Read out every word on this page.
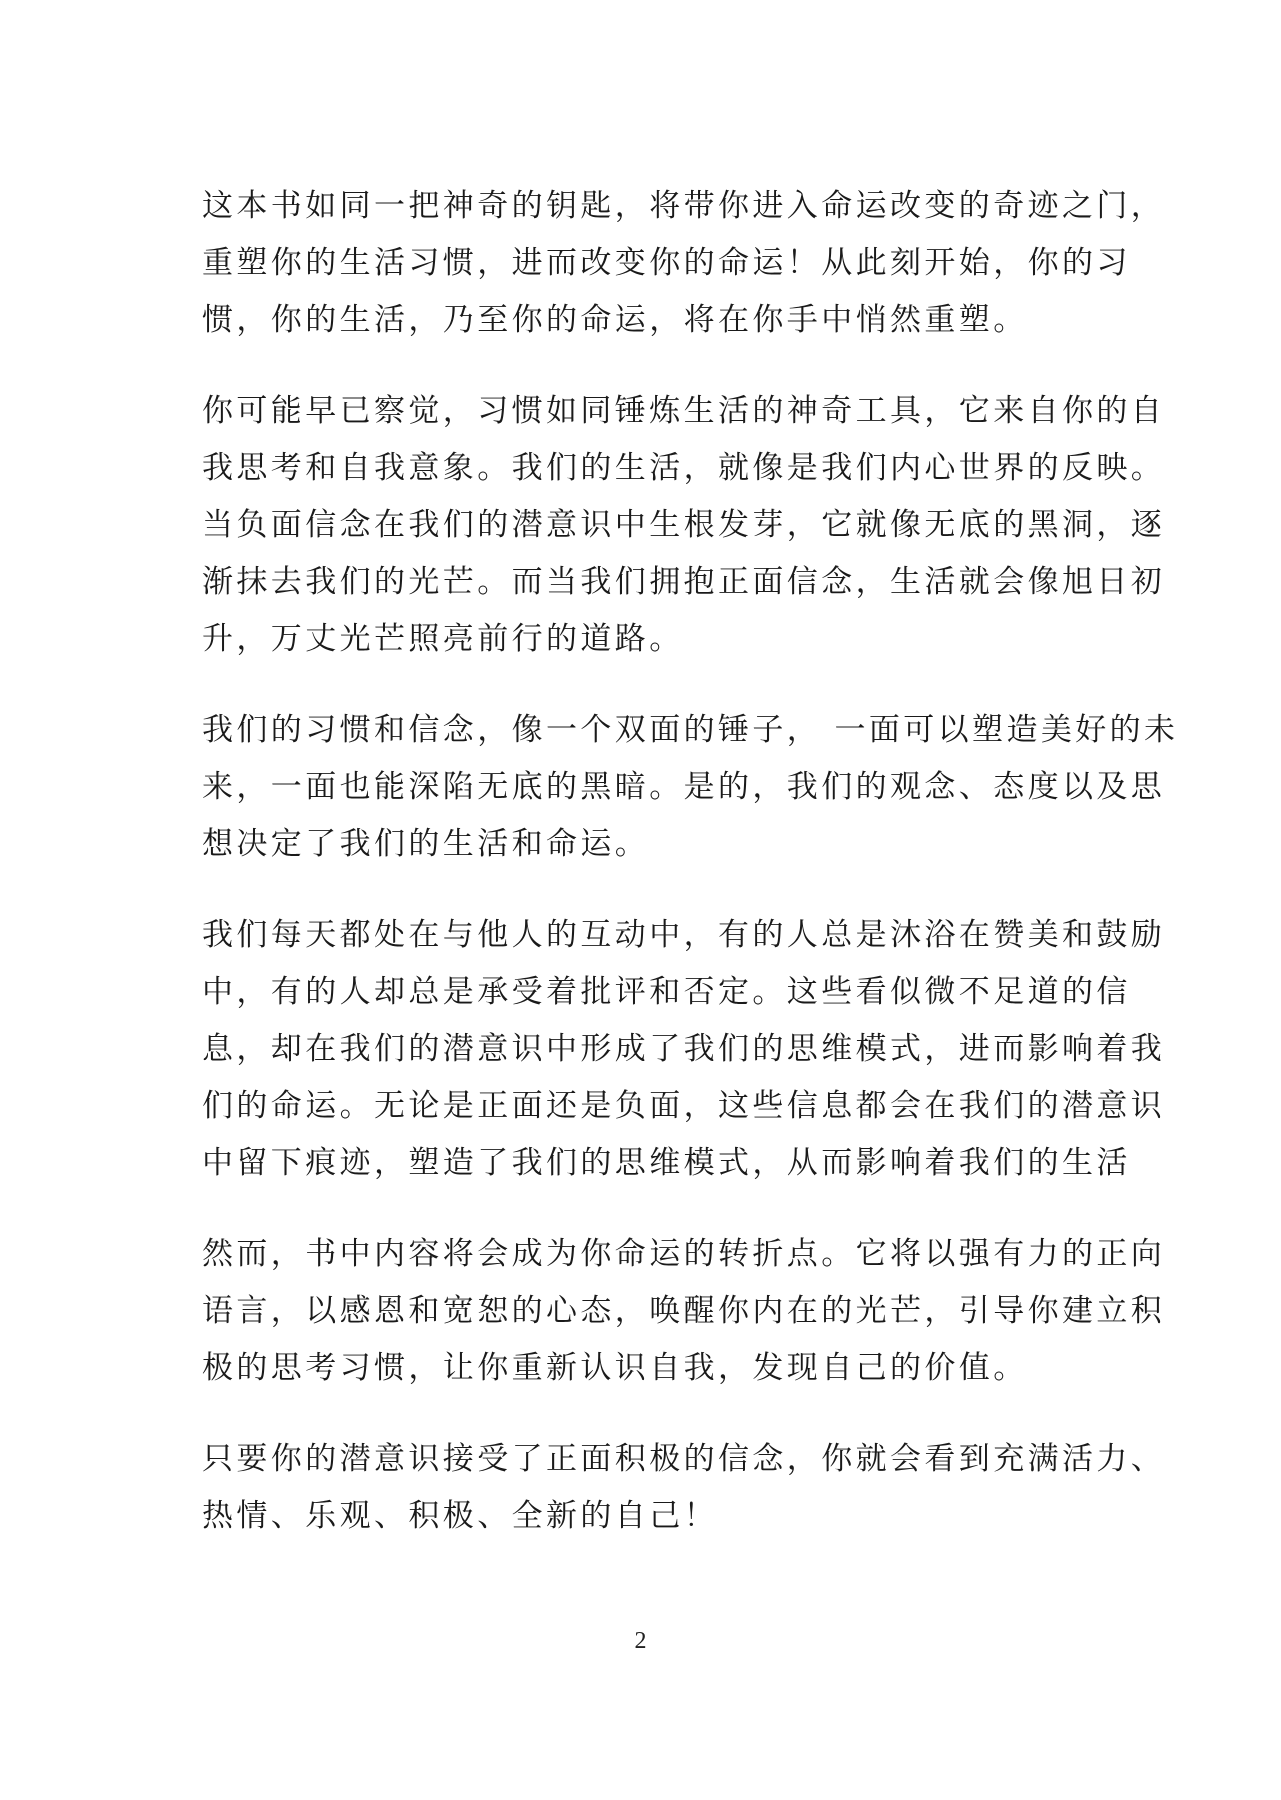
这本书如同一把神奇的钥匙，将带你进入命运改变的奇迹之门，
重塑你的生活习惯，进而改变你的命运！从此刻开始，你的习
惯，你的生活，乃至你的命运，将在你手中悄然重塑。

你可能早已察觉，习惯如同锤炼生活的神奇工具，它来自你的自
我思考和自我意象。我们的生活，就像是我们内心世界的反映。
当负面信念在我们的潜意识中生根发芽，它就像无底的黑洞，逐
渐抹去我们的光芒。而当我们拥抱正面信念，生活就会像旭日初
升，万丈光芒照亮前行的道路。

我们的习惯和信念，像一个双面的锤子， 一面可以塑造美好的未
来，一面也能深陷无底的黑暗。是的，我们的观念、态度以及思
想决定了我们的生活和命运。

我们每天都处在与他人的互动中，有的人总是沐浴在赞美和鼓励
中，有的人却总是承受着批评和否定。这些看似微不足道的信
息，却在我们的潜意识中形成了我们的思维模式，进而影响着我
们的命运。无论是正面还是负面，这些信息都会在我们的潜意识
中留下痕迹，塑造了我们的思维模式，从而影响着我们的生活

然而，书中内容将会成为你命运的转折点。它将以强有力的正向
语言，以感恩和宽恕的心态，唤醒你内在的光芒，引导你建立积
极的思考习惯，让你重新认识自我，发现自己的价值。

只要你的潜意识接受了正面积极的信念，你就会看到充满活力、
热情、乐观、积极、全新的自己！

2
